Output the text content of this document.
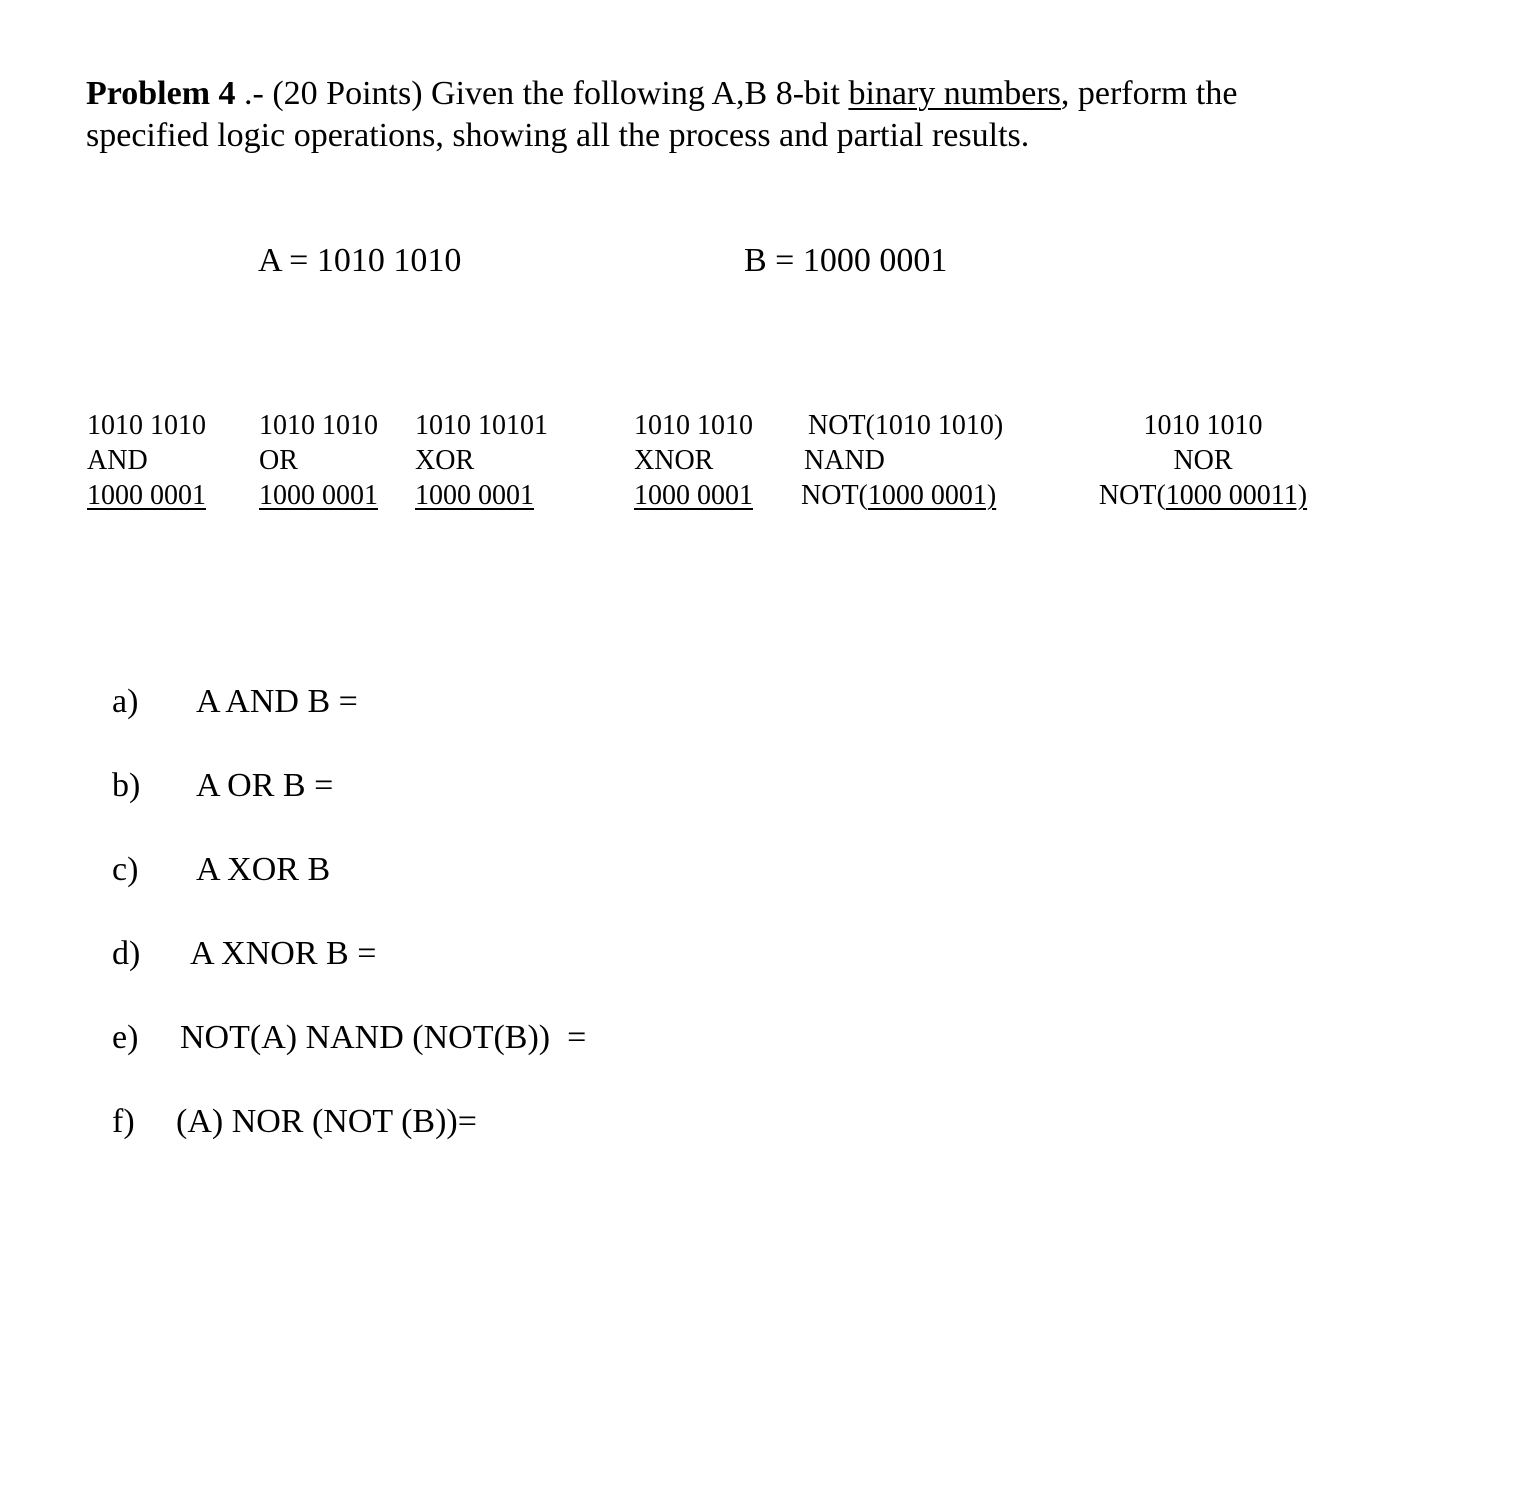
Problem 4 .- (20 Points) Given the following A,B 8-bit binary numbers, perform the
specified logic operations, showing all the process and partial results.
A = 1010 1010	B = 1000 0001
1010 1010
AND
1000 0001
1010 1010
OR
1000 0001
1010 10101
XOR
1000 0001
1010 1010
XNOR
1000 0001
NOT(1010 1010)
NAND
NOT(1000 0001)
1010 1010
NOR
NOT(1000 00011)
a) A AND B =
b) A OR B =
c) A XOR B
d) A XNOR B =
e) NOT(A) NAND (NOT(B))  =
f) (A) NOR (NOT (B))=
